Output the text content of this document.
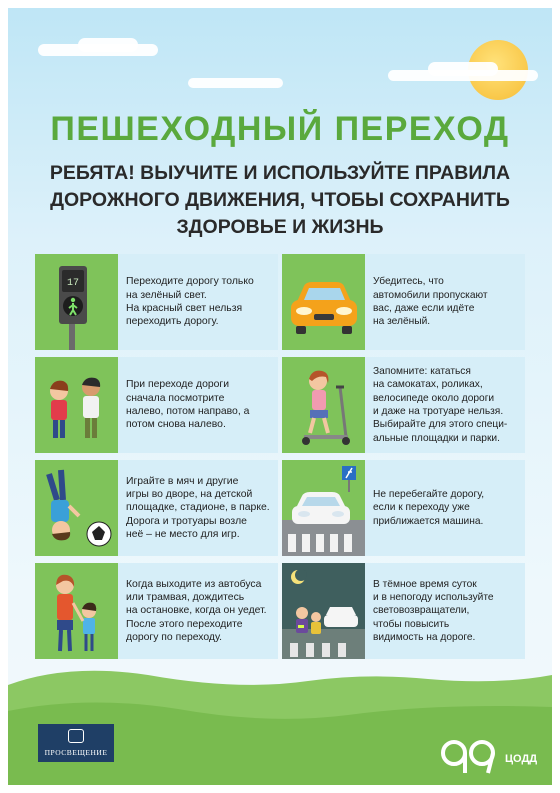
ПЕШЕХОДНЫЙ ПЕРЕХОД
РЕБЯТА! ВЫУЧИТЕ И ИСПОЛЬЗУЙТЕ ПРАВИЛА ДОРОЖНОГО ДВИЖЕНИЯ, ЧТОБЫ СОХРАНИТЬ ЗДОРОВЬЕ И ЖИЗНЬ
17	Переходите дорогу только
на зелёный свет.
На красный свет нельзя
переходить дорогу.
Убедитесь, что
автомобили пропускают
вас, даже если идёте
на зелёный.
При переходе дороги
сначала посмотрите
налево, потом направо, а
потом снова налево.
Запомните: кататься
на самокатах, роликах,
велосипеде около дороги
и даже на тротуаре нельзя.
Выбирайте для этого специ-
альные площадки и парки.
Играйте в мяч и другие
игры во дворе, на детской
площадке, стадионе, в парке.
Дорога и тротуары возле
неё – не место для игр.
Не перебегайте дорогу,
если к переходу уже
приближается машина.
Когда выходите из автобуса
или трамвая, дождитесь
на остановке, когда он уедет.
После этого переходите
дорогу по переходу.
В тёмное время суток
и в непогоду используйте
световозвращатели,
чтобы повысить
видимость на дороге.
ПРОСВЕЩЕНИЕ
ЦОДД
